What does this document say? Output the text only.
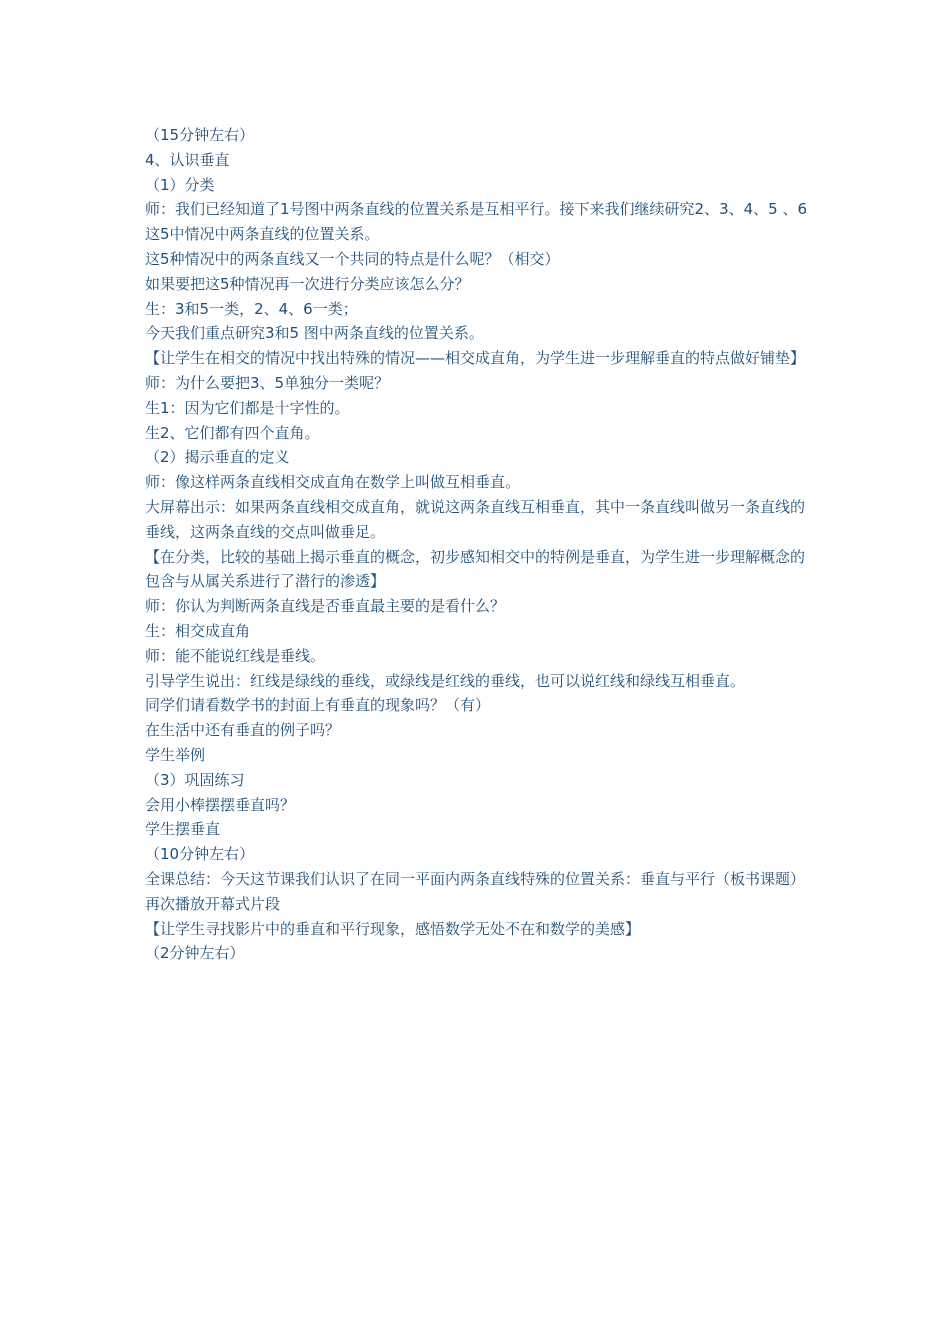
（15分钟左右）

4、认识垂直

（1）分类

师：我们已经知道了1号图中两条直线的位置关系是互相平行。接下来我们继续研究2、3、4、5 、6这5中情况中两条直线的位置关系。

这5种情况中的两条直线又一个共同的特点是什么呢？（相交）

如果要把这5种情况再一次进行分类应该怎么分？

生：3和5一类，2、4、6一类；

今天我们重点研究3和5 图中两条直线的位置关系。

【让学生在相交的情况中找出特殊的情况——相交成直角，为学生进一步理解垂直的特点做好铺垫】

师：为什么要把3、5单独分一类呢？

生1：因为它们都是十字性的。

生2、它们都有四个直角。

（2）揭示垂直的定义

师：像这样两条直线相交成直角在数学上叫做互相垂直。

大屏幕出示：如果两条直线相交成直角，就说这两条直线互相垂直，其中一条直线叫做另一条直线的垂线，这两条直线的交点叫做垂足。

【在分类，比较的基础上揭示垂直的概念，初步感知相交中的特例是垂直，为学生进一步理解概念的包含与从属关系进行了潜行的渗透】

师：你认为判断两条直线是否垂直最主要的是看什么？

生：相交成直角

师：能不能说红线是垂线。

引导学生说出：红线是绿线的垂线，或绿线是红线的垂线，也可以说红线和绿线互相垂直。

同学们请看数学书的封面上有垂直的现象吗？（有）

在生活中还有垂直的例子吗？

学生举例

（3）巩固练习

会用小棒摆摆垂直吗？

学生摆垂直

（10分钟左右）

全课总结：今天这节课我们认识了在同一平面内两条直线特殊的位置关系：垂直与平行（板书课题）

再次播放开幕式片段

【让学生寻找影片中的垂直和平行现象，感悟数学无处不在和数学的美感】

（2分钟左右）
